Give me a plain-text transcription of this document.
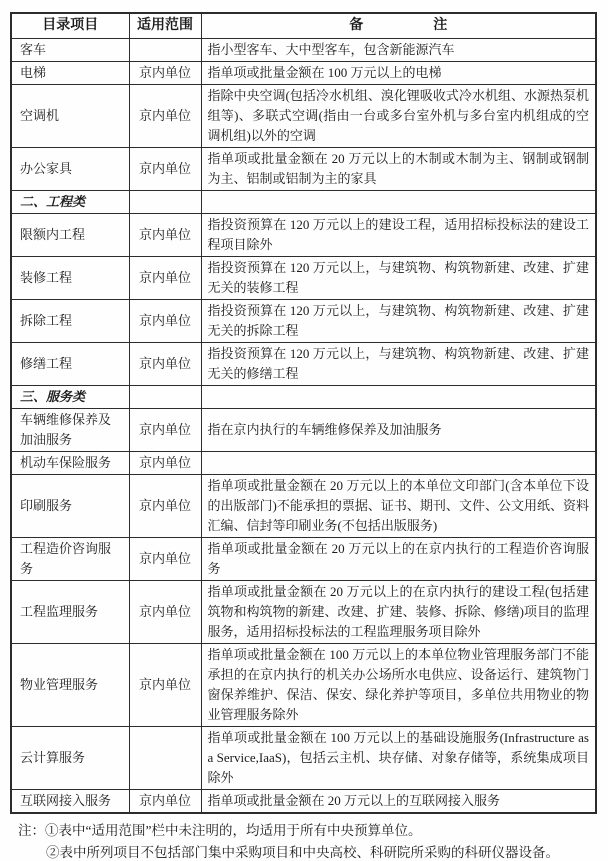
目录项目	适用范围	备　　　　　注
客车		指小型客车、大中型客车，包含新能源汽车
电梯	京内单位	指单项或批量金额在 100 万元以上的电梯
空调机	京内单位	指除中央空调(包括冷水机组、溴化锂吸收式冷水机组、水源热泵机组等)、多联式空调(指由一台或多台室外机与多台室内机组成的空调机组)以外的空调
办公家具	京内单位	指单项或批量金额在 20 万元以上的木制或木制为主、钢制或钢制为主、铝制或铝制为主的家具
二、工程类		
限额内工程	京内单位	指投资预算在 120 万元以上的建设工程，适用招标投标法的建设工程项目除外
装修工程	京内单位	指投资预算在 120 万元以上，与建筑物、构筑物新建、改建、扩建无关的装修工程
拆除工程	京内单位	指投资预算在 120 万元以上，与建筑物、构筑物新建、改建、扩建无关的拆除工程
修缮工程	京内单位	指投资预算在 120 万元以上，与建筑物、构筑物新建、改建、扩建无关的修缮工程
三、服务类		
车辆维修保养及加油服务	京内单位	指在京内执行的车辆维修保养及加油服务
机动车保险服务	京内单位	
印刷服务	京内单位	指单项或批量金额在 20 万元以上的本单位文印部门(含本单位下设的出版部门)不能承担的票据、证书、期刊、文件、公文用纸、资料汇编、信封等印刷业务(不包括出版服务)
工程造价咨询服务	京内单位	指单项或批量金额在 20 万元以上的在京内执行的工程造价咨询服务
工程监理服务	京内单位	指单项或批量金额在 20 万元以上的在京内执行的建设工程(包括建筑物和构筑物的新建、改建、扩建、装修、拆除、修缮)项目的监理服务，适用招标投标法的工程监理服务项目除外
物业管理服务	京内单位	指单项或批量金额在 100 万元以上的本单位物业管理服务部门不能承担的在京内执行的机关办公场所水电供应、设备运行、建筑物门窗保养维护、保洁、保安、绿化养护等项目，多单位共用物业的物业管理服务除外
云计算服务		指单项或批量金额在 100 万元以上的基础设施服务(Infrastructure as a Service,IaaS)，包括云主机、块存储、对象存储等，系统集成项目除外
互联网接入服务	京内单位	指单项或批量金额在 20 万元以上的互联网接入服务
注：①表中“适用范围”栏中未注明的，均适用于所有中央预算单位。
②表中所列项目不包括部门集中采购项目和中央高校、科研院所采购的科研仪器设备。
